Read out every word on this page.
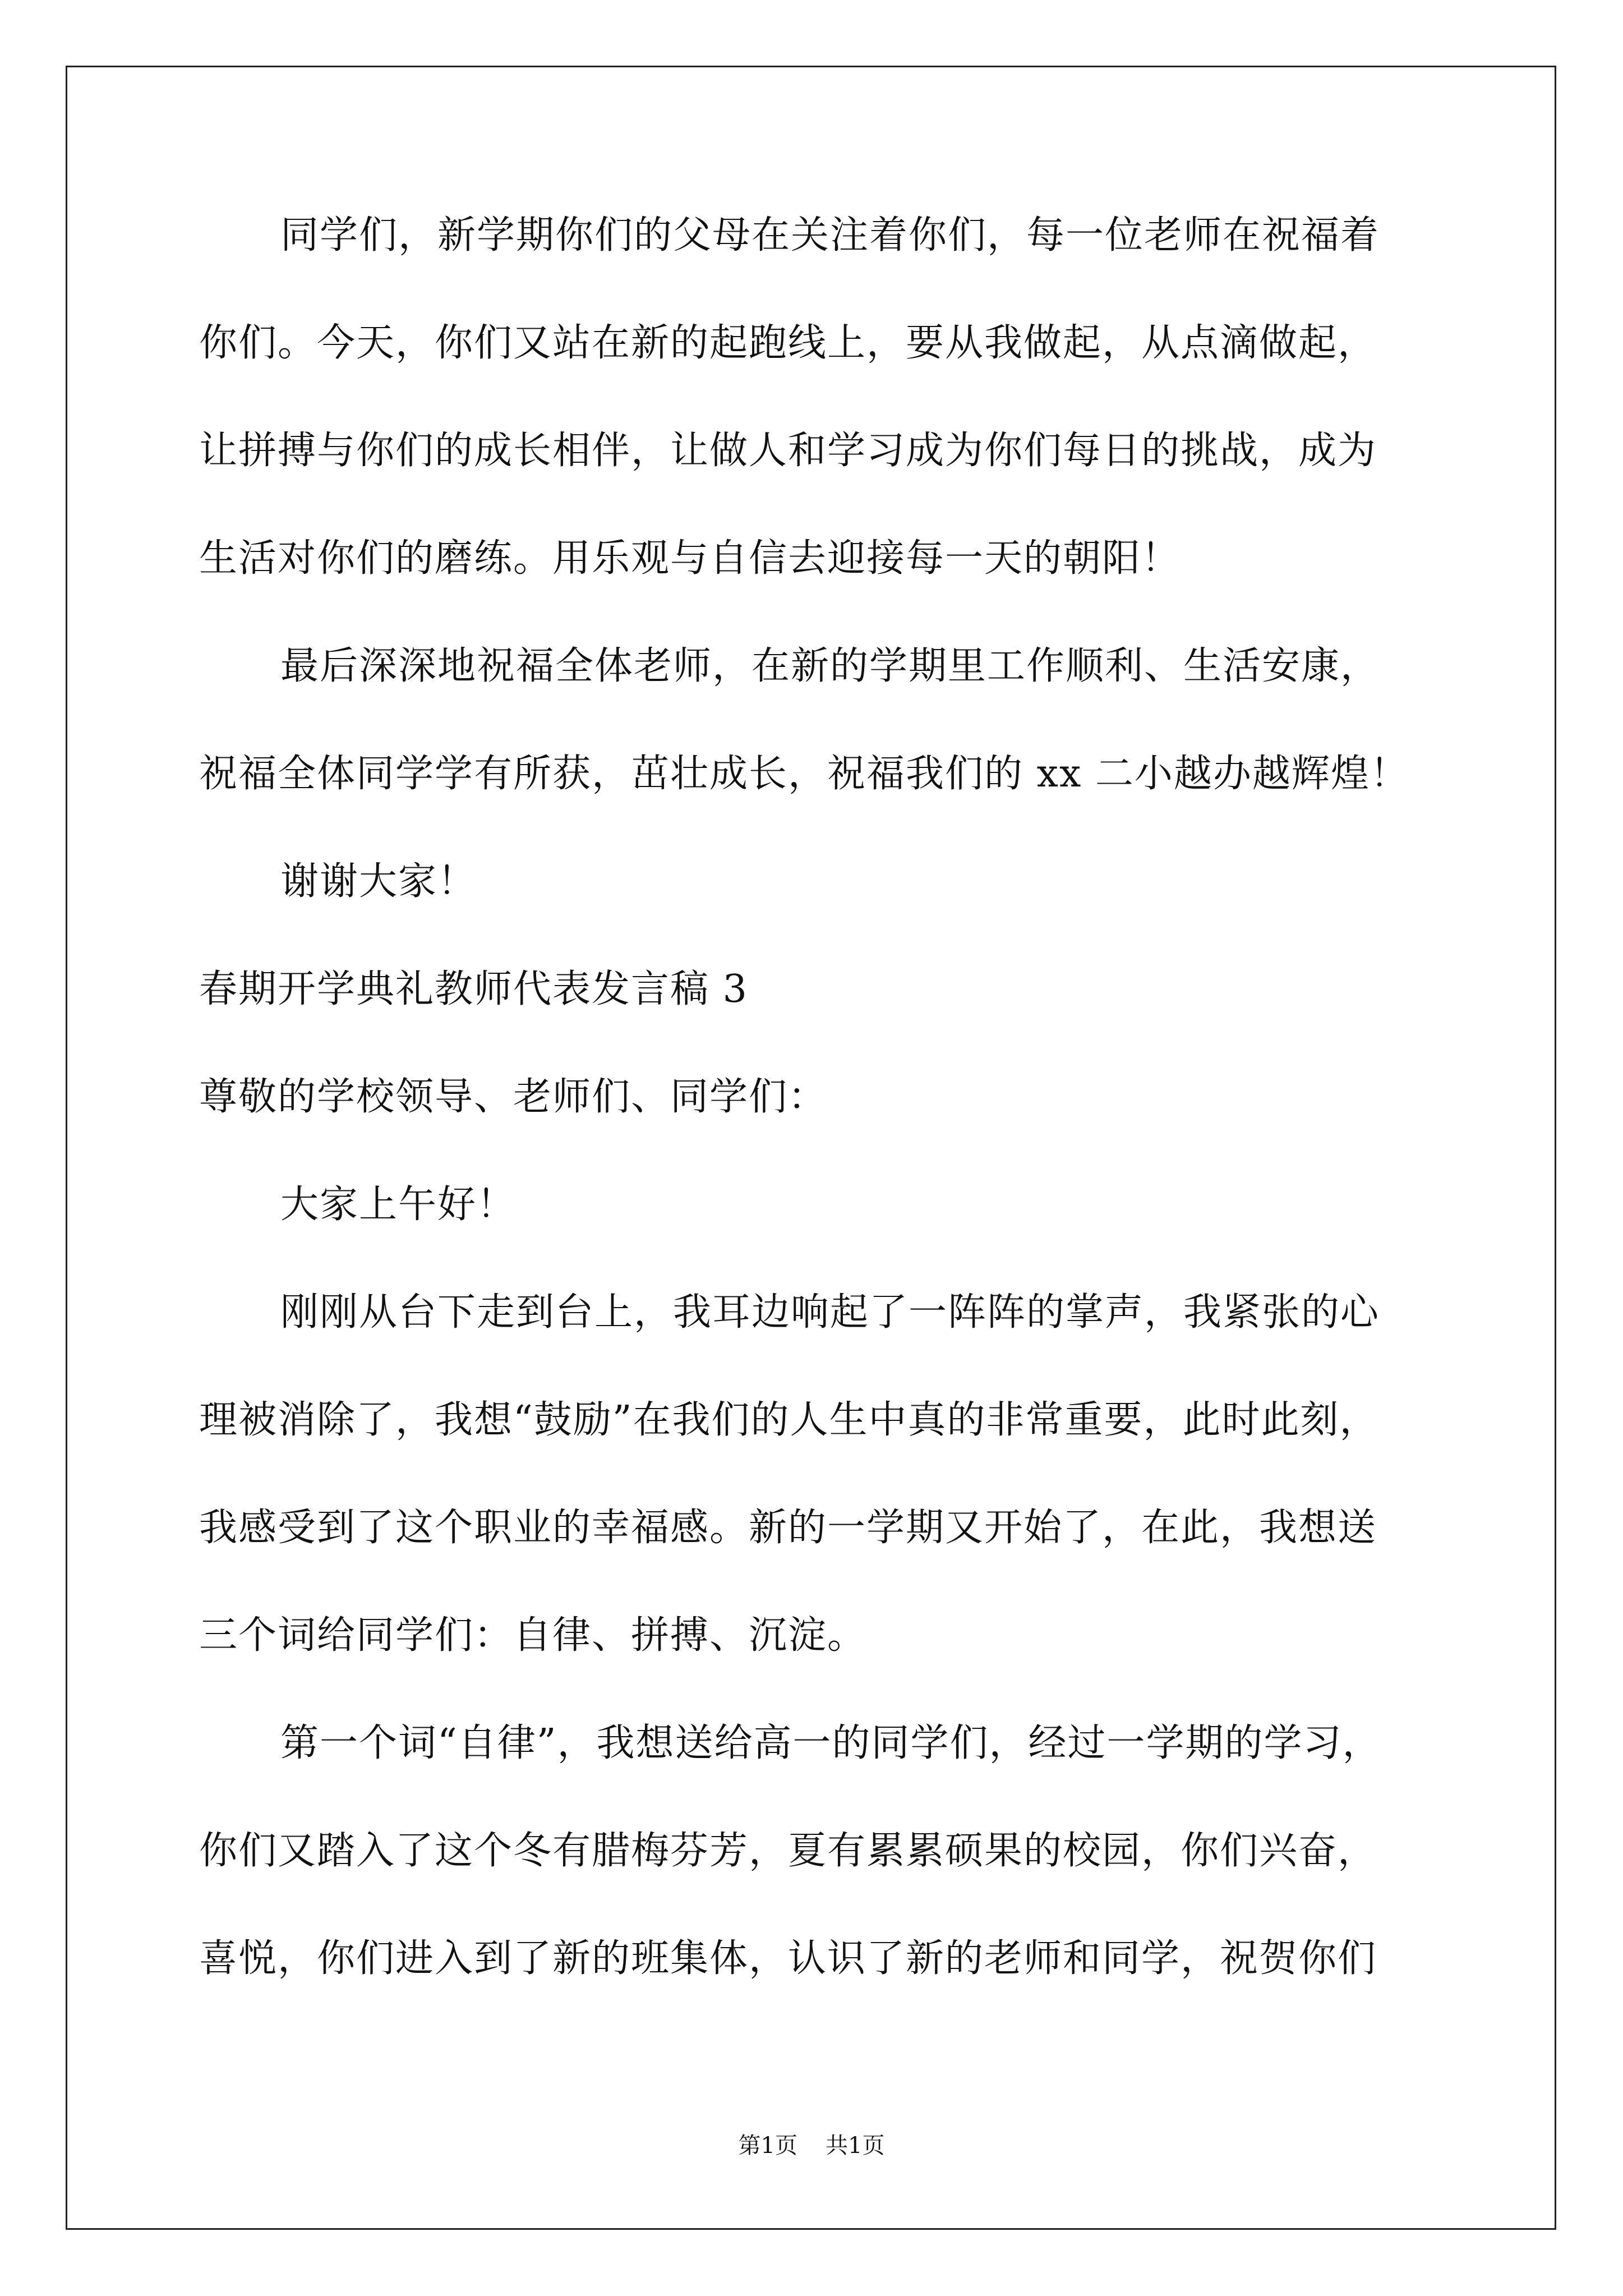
同学们，新学期你们的父母在关注着你们，每一位老师在祝福着
你们。今天，你们又站在新的起跑线上，要从我做起，从点滴做起，
让拼搏与你们的成长相伴，让做人和学习成为你们每日的挑战，成为
生活对你们的磨练。用乐观与自信去迎接每一天的朝阳！
最后深深地祝福全体老师，在新的学期里工作顺利、生活安康，
祝福全体同学学有所获，茁壮成长，祝福我们的 xx 二小越办越辉煌！
谢谢大家！
春期开学典礼教师代表发言稿 3
尊敬的学校领导、老师们、同学们：
大家上午好！
刚刚从台下走到台上，我耳边响起了一阵阵的掌声，我紧张的心
理被消除了，我想“鼓励”在我们的人生中真的非常重要，此时此刻，
我感受到了这个职业的幸福感。新的一学期又开始了，在此，我想送
三个词给同学们：自律、拼搏、沉淀。
第一个词“自律”，我想送给高一的同学们，经过一学期的学习，
你们又踏入了这个冬有腊梅芬芳，夏有累累硕果的校园，你们兴奋，
喜悦，你们进入到了新的班集体，认识了新的老师和同学，祝贺你们
第1页 共1页
